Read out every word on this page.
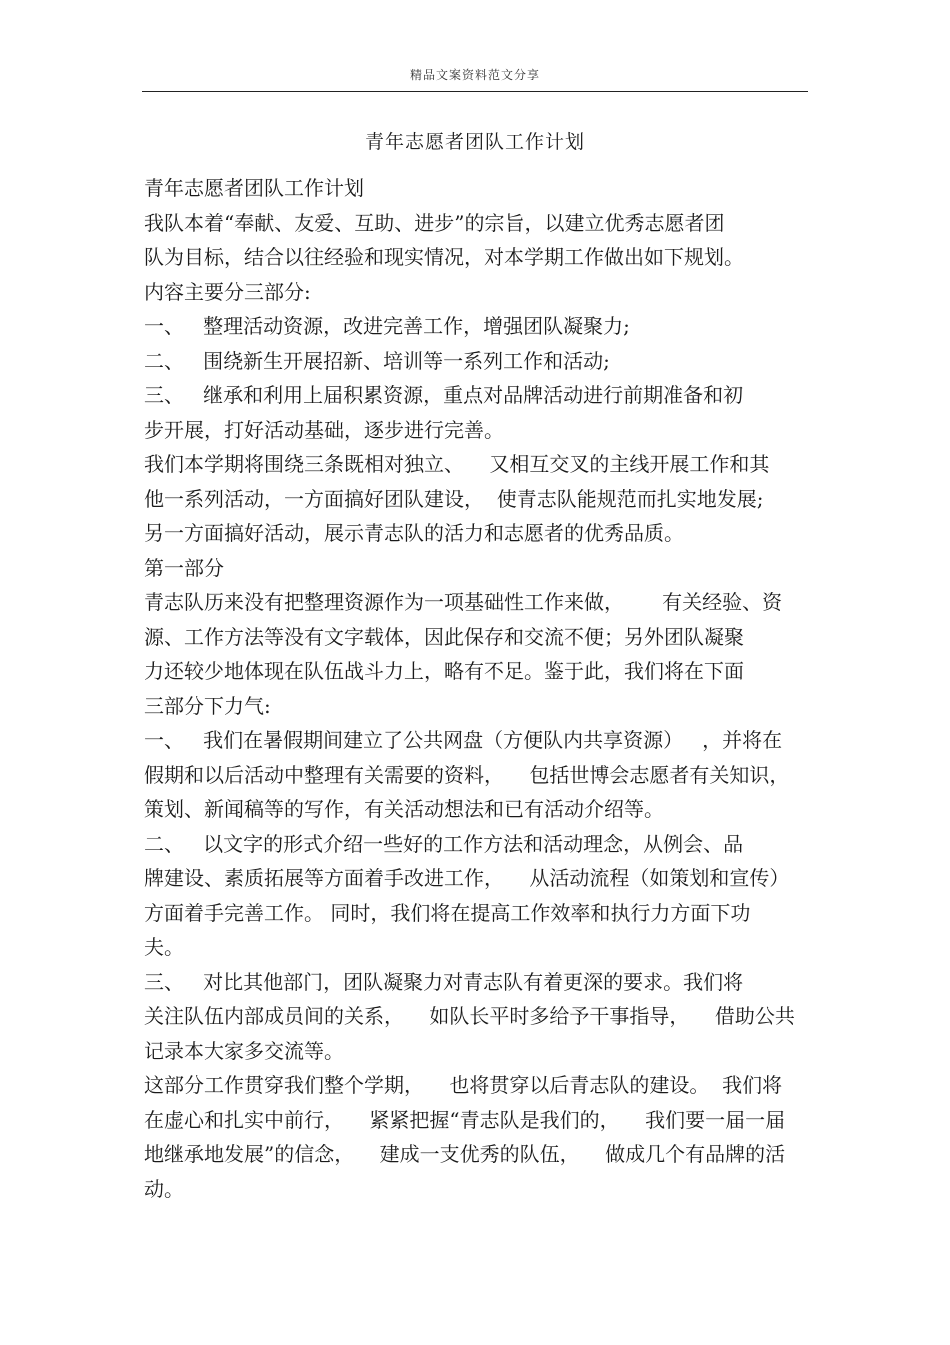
精品文案资料范文分享
青年志愿者团队工作计划
青年志愿者团队工作计划
我队本着“奉献、友爱、互助、进步”的宗旨，以建立优秀志愿者团
队为目标，结合以往经验和现实情况，对本学期工作做出如下规划。
内容主要分三部分:
一、   整理活动资源，改进完善工作，增强团队凝聚力;
二、   围绕新生开展招新、培训等一系列工作和活动;
三、   继承和利用上届积累资源，重点对品牌活动进行前期准备和初
步开展，打好活动基础，逐步进行完善。
我们本学期将围绕三条既相对独立、    又相互交叉的主线开展工作和其
他一系列活动，一方面搞好团队建设，  使青志队能规范而扎实地发展;
另一方面搞好活动，展示青志队的活力和志愿者的优秀品质。
第一部分
青志队历来没有把整理资源作为一项基础性工作来做，      有关经验、资
源、工作方法等没有文字载体，因此保存和交流不便；另外团队凝聚
力还较少地体现在队伍战斗力上，略有不足。鉴于此，我们将在下面
三部分下力气:
一、   我们在暑假期间建立了公共网盘（方便队内共享资源）   ，并将在
假期和以后活动中整理有关需要的资料，    包括世博会志愿者有关知识，
策划、新闻稿等的写作，有关活动想法和已有活动介绍等。
二、   以文字的形式介绍一些好的工作方法和活动理念，从例会、品
牌建设、素质拓展等方面着手改进工作，    从活动流程（如策划和宣传）
方面着手完善工作。 同时，我们将在提高工作效率和执行力方面下功
夫。
三、   对比其他部门，团队凝聚力对青志队有着更深的要求。我们将
关注队伍内部成员间的关系，    如队长平时多给予干事指导，    借助公共
记录本大家多交流等。
这部分工作贯穿我们整个学期，    也将贯穿以后青志队的建设。  我们将
在虚心和扎实中前行，    紧紧把握“青志队是我们的，    我们要一届一届
地继承地发展”的信念，    建成一支优秀的队伍，    做成几个有品牌的活
动。
